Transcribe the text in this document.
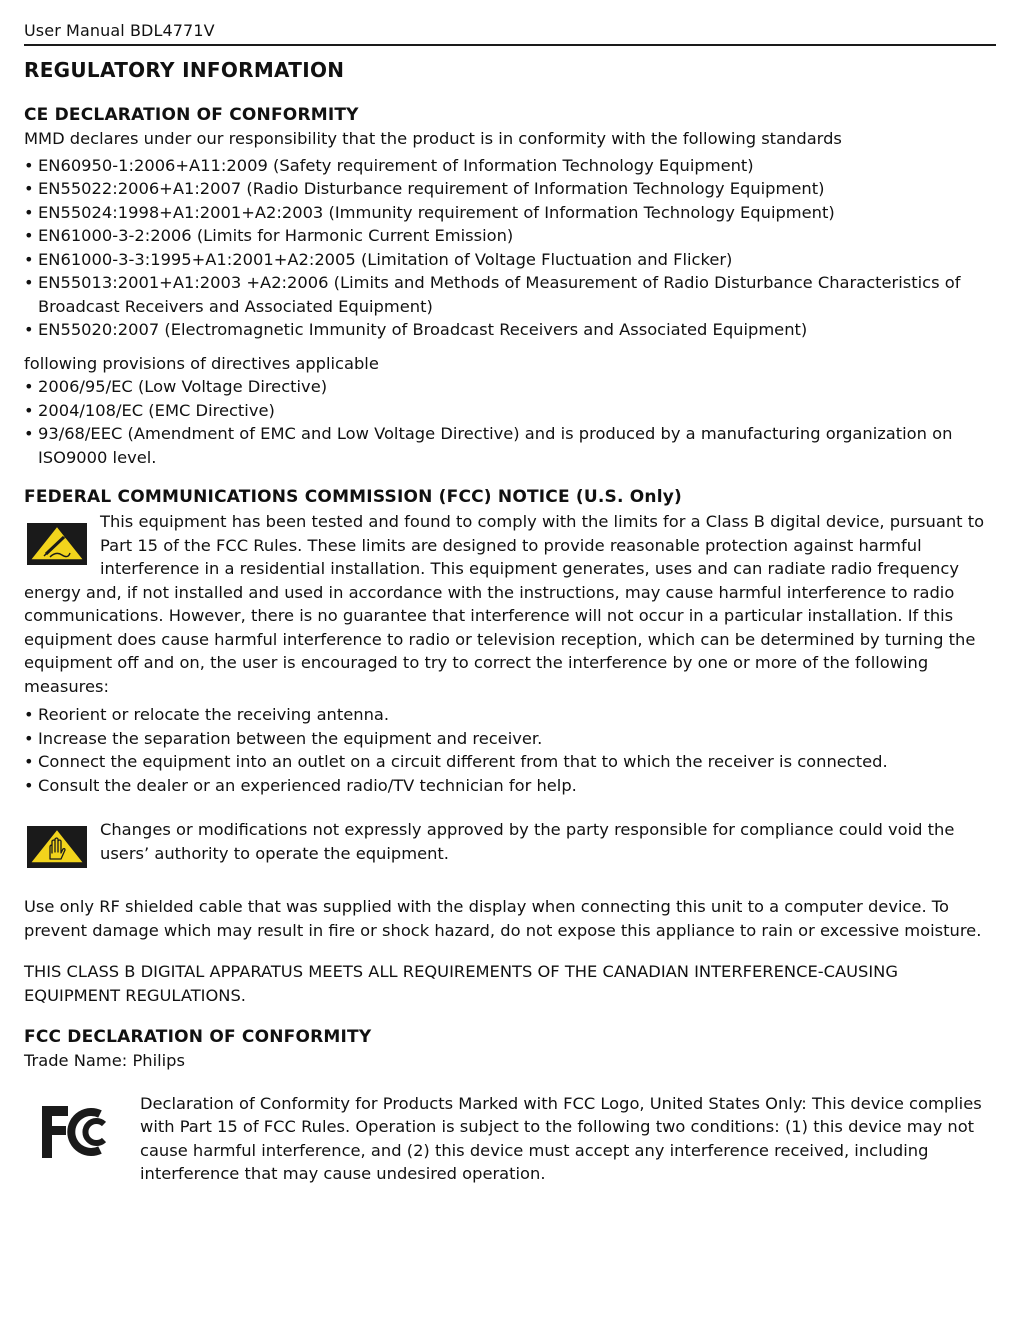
User Manual BDL4771V
REGULATORY INFORMATION
CE DECLARATION OF CONFORMITY
MMD declares under our responsibility that the product is in conformity with the following standards
• EN60950-1:2006+A11:2009 (Safety requirement of Information Technology Equipment)
• EN55022:2006+A1:2007 (Radio Disturbance requirement of Information Technology Equipment)
• EN55024:1998+A1:2001+A2:2003 (Immunity requirement of Information Technology Equipment)
• EN61000-3-2:2006 (Limits for Harmonic Current Emission)
• EN61000-3-3:1995+A1:2001+A2:2005 (Limitation of Voltage Fluctuation and Flicker)
• EN55013:2001+A1:2003 +A2:2006 (Limits and Methods of Measurement of Radio Disturbance Characteristics of Broadcast Receivers and Associated Equipment)
• EN55020:2007 (Electromagnetic Immunity of Broadcast Receivers and Associated Equipment)
following provisions of directives applicable
• 2006/95/EC (Low Voltage Directive)
• 2004/108/EC (EMC Directive)
• 93/68/EEC (Amendment of EMC and Low Voltage Directive) and is produced by a manufacturing organization on ISO9000 level.
FEDERAL COMMUNICATIONS COMMISSION (FCC) NOTICE (U.S. Only)
This equipment has been tested and found to comply with the limits for a Class B digital device, pursuant to Part 15 of the FCC Rules. These limits are designed to provide reasonable protection against harmful interference in a residential installation. This equipment generates, uses and can radiate radio frequency energy and, if not installed and used in accordance with the instructions, may cause harmful interference to radio communications. However, there is no guarantee that interference will not occur in a particular installation. If this equipment does cause harmful interference to radio or television reception, which can be determined by turning the equipment off and on, the user is encouraged to try to correct the interference by one or more of the following measures:
• Reorient or relocate the receiving antenna.
• Increase the separation between the equipment and receiver.
• Connect the equipment into an outlet on a circuit different from that to which the receiver is connected.
• Consult the dealer or an experienced radio/TV technician for help.
Changes or modifications not expressly approved by the party responsible for compliance could void the users’ authority to operate the equipment.
Use only RF shielded cable that was supplied with the display when connecting this unit to a computer device. To prevent damage which may result in fire or shock hazard, do not expose this appliance to rain or excessive moisture.
THIS CLASS B DIGITAL APPARATUS MEETS ALL REQUIREMENTS OF THE CANADIAN INTERFERENCE-CAUSING EQUIPMENT REGULATIONS.
FCC DECLARATION OF CONFORMITY
Trade Name: Philips
Declaration of Conformity for Products Marked with FCC Logo, United States Only: This device complies with Part 15 of FCC Rules. Operation is subject to the following two conditions: (1) this device may not cause harmful interference, and (2) this device must accept any interference received, including interference that may cause undesired operation.
